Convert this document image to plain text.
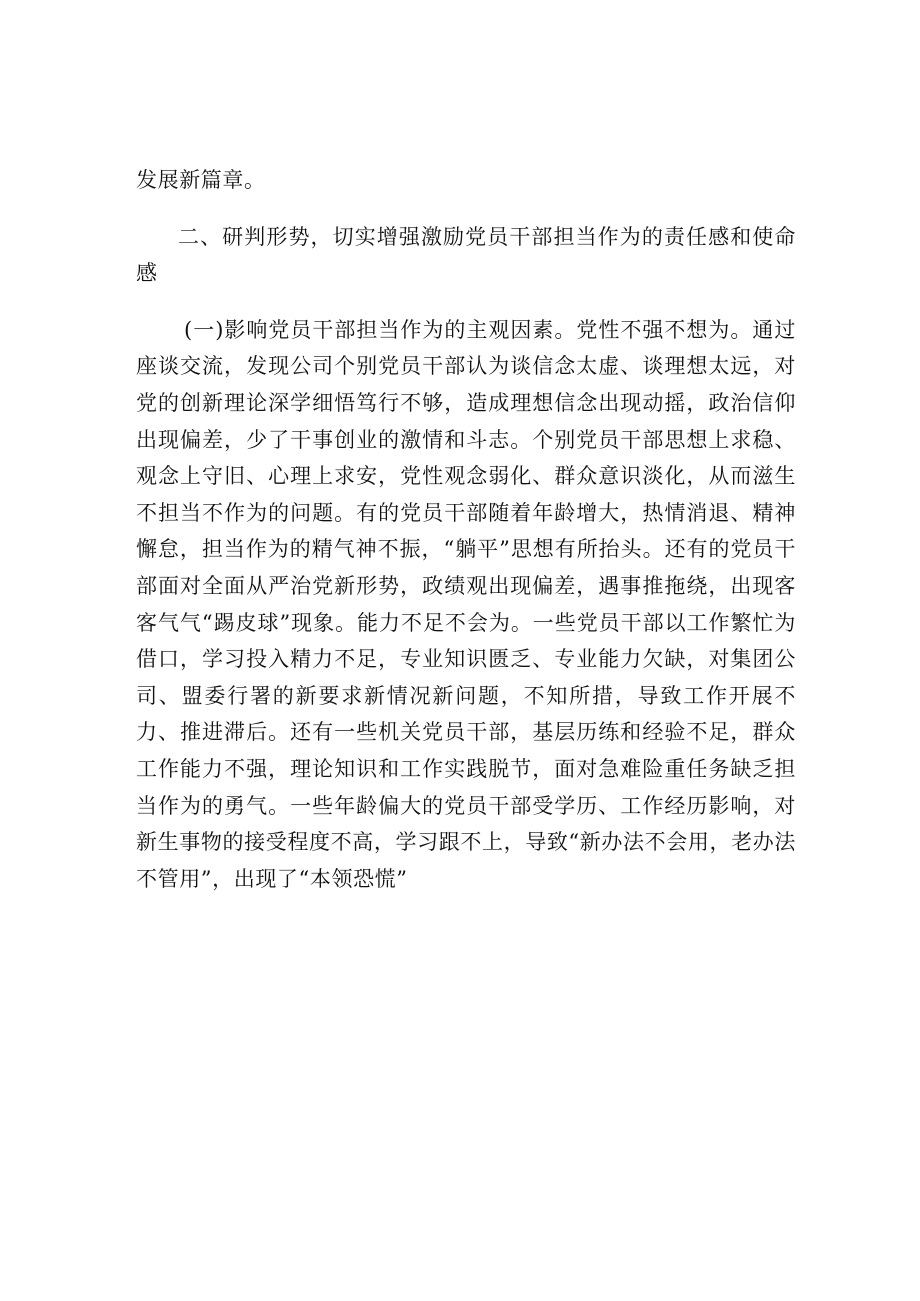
发展新篇章。

二、研判形势，切实增强激励党员干部担当作为的责任感和使命感

(一)影响党员干部担当作为的主观因素。党性不强不想为。通过座谈交流，发现公司个别党员干部认为谈信念太虚、谈理想太远，对党的创新理论深学细悟笃行不够，造成理想信念出现动摇，政治信仰出现偏差，少了干事创业的激情和斗志。个别党员干部思想上求稳、观念上守旧、心理上求安，党性观念弱化、群众意识淡化，从而滋生不担当不作为的问题。有的党员干部随着年龄增大，热情消退、精神懈怠，担当作为的精气神不振，“躺平”思想有所抬头。还有的党员干部面对全面从严治党新形势，政绩观出现偏差，遇事推拖绕，出现客客气气“踢皮球”现象。能力不足不会为。一些党员干部以工作繁忙为借口，学习投入精力不足，专业知识匮乏、专业能力欠缺，对集团公司、盟委行署的新要求新情况新问题，不知所措，导致工作开展不力、推进滞后。还有一些机关党员干部，基层历练和经验不足，群众工作能力不强，理论知识和工作实践脱节，面对急难险重任务缺乏担当作为的勇气。一些年龄偏大的党员干部受学历、工作经历影响，对新生事物的接受程度不高，学习跟不上，导致“新办法不会用，老办法不管用”，出现了“本领恐慌”
